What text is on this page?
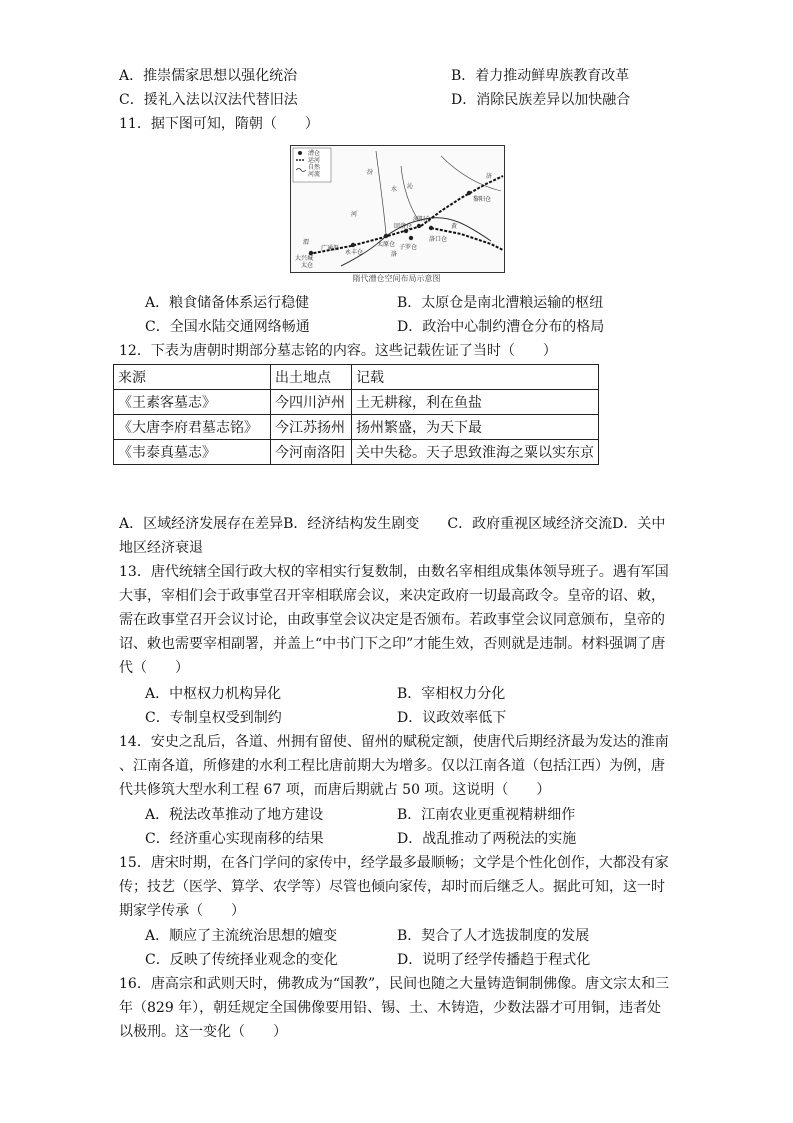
A．推崇儒家思想以强化统治	B．着力推动鲜卑族教育改革
C．援礼入法以汉法代替旧法	D．消除民族差异以加快融合
11．据下图可知，隋朝（　　）
漕仓
运河
自然
河流
黎阳仓
河阳仓
回洛仓
洛口仓
太原仓 子罗仓
永丰仓
大兴城
太仓
广通渠
渭
河
汾
水
黄
济
洛
沁
隋代漕仓空间布局示意图
A．粮食储备体系运行稳健	B．太原仓是南北漕粮运输的枢纽
C．全国水陆交通网络畅通	D．政治中心制约漕仓分布的格局
12．下表为唐朝时期部分墓志铭的内容。这些记载佐证了当时（　　）
来源	出土地点	记载
《王素客墓志》	今四川泸州	土无耕稼，利在鱼盐
《大唐李府君墓志铭》	今江苏扬州	扬州繁盛，为天下最
《韦泰真墓志》	今河南洛阳	关中失稔。天子思致淮海之粟以实东京
A．区域经济发展存在差异B．经济结构发生剧变　　C．政府重视区域经济交流D．关中
地区经济衰退
13．唐代统辖全国行政大权的宰相实行复数制，由数名宰相组成集体领导班子。遇有军国
大事，宰相们会于政事堂召开宰相联席会议，来决定政府一切最高政令。皇帝的诏、敕，
需在政事堂召开会议讨论，由政事堂会议决定是否颁布。若政事堂会议同意颁布，皇帝的
诏、敕也需要宰相副署，并盖上“中书门下之印”才能生效，否则就是违制。材料强调了唐
代（　　）
A．中枢权力机构异化	B．宰相权力分化
C．专制皇权受到制约	D．议政效率低下
14．安史之乱后，各道、州拥有留使、留州的赋税定额，使唐代后期经济最为发达的淮南
、江南各道，所修建的水利工程比唐前期大为增多。仅以江南各道（包括江西）为例，唐
代共修筑大型水利工程 67 项，而唐后期就占 50 项。这说明（　　）
A．税法改革推动了地方建设	B．江南农业更重视精耕细作
C．经济重心实现南移的结果	D．战乱推动了两税法的实施
15．唐宋时期，在各门学问的家传中，经学最多最顺畅；文学是个性化创作，大都没有家
传；技艺（医学、算学、农学等）尽管也倾向家传，却时而后继乏人。据此可知，这一时
期家学传承（　　）
A．顺应了主流统治思想的嬗变	B．契合了人才选拔制度的发展
C．反映了传统择业观念的变化	D．说明了经学传播趋于程式化
16．唐高宗和武则天时，佛教成为“国教”，民间也随之大量铸造铜制佛像。唐文宗太和三
年（829 年），朝廷规定全国佛像要用铅、锡、土、木铸造，少数法器才可用铜，违者处
以极刑。这一变化（　　）
